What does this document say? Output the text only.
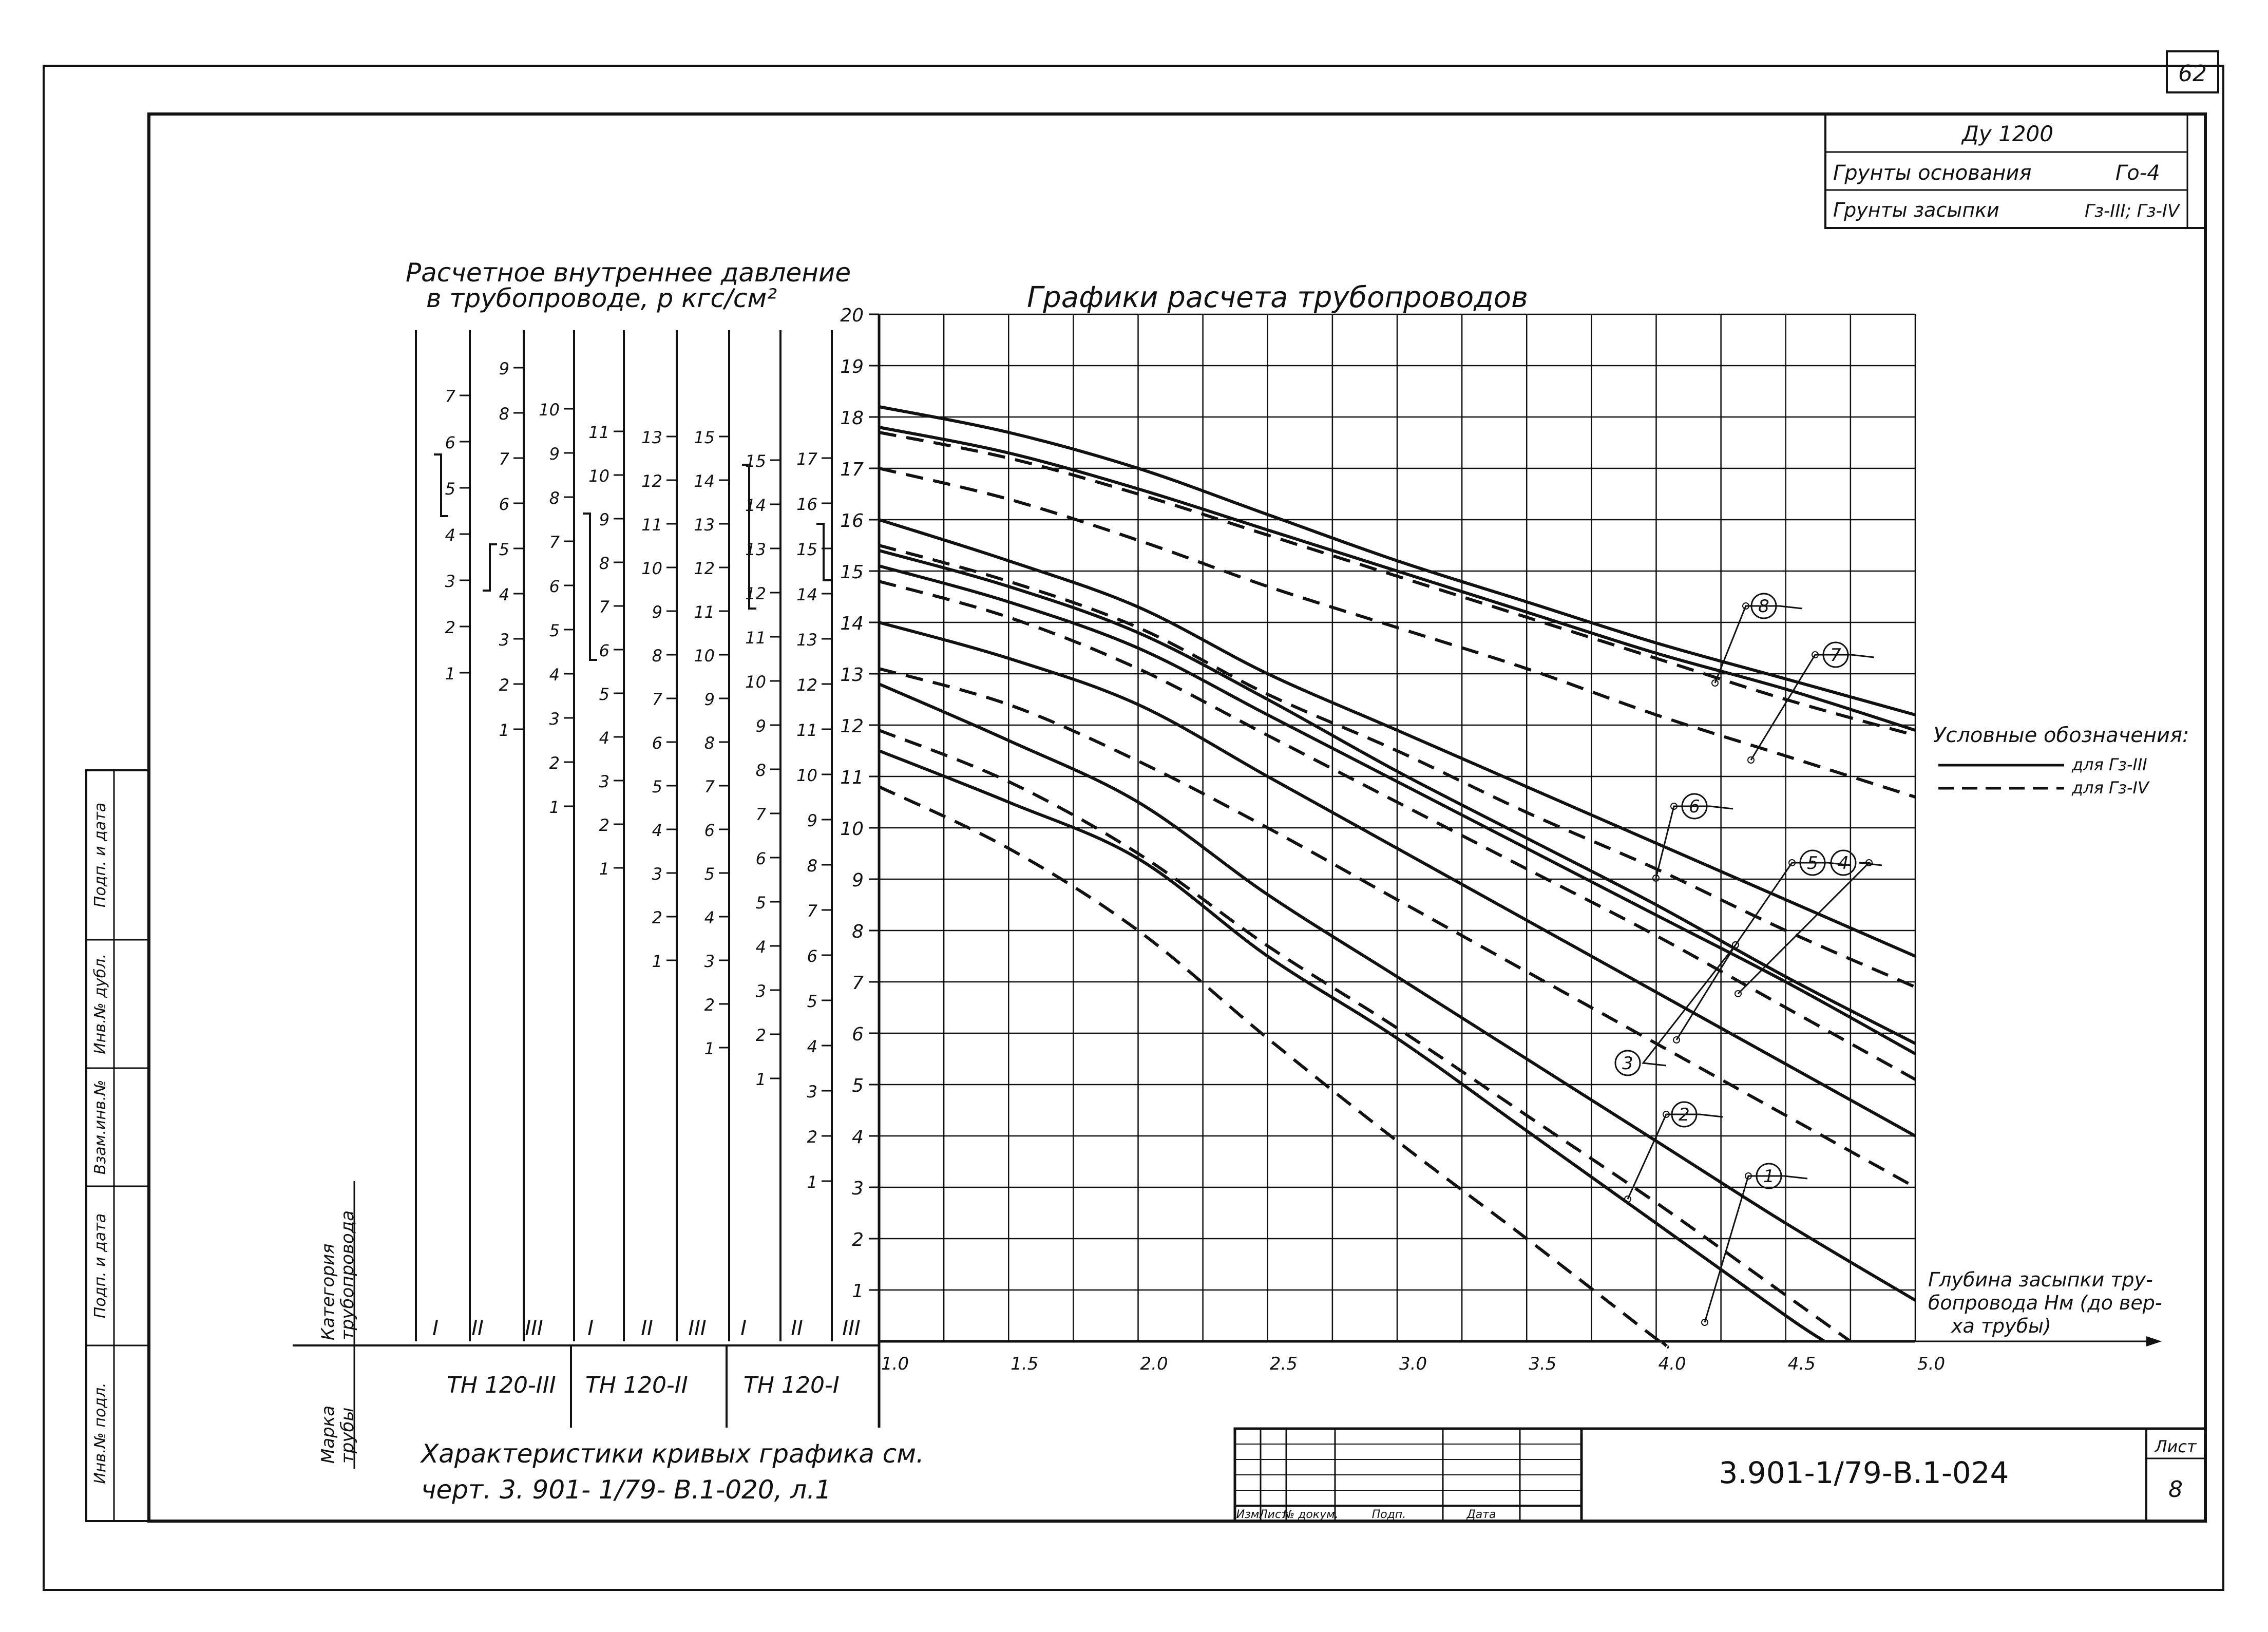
62
Ду 1200
Грунты основания	Го-4
Грунты засыпки	Гз-III; Гз-IV
Расчетное внутреннее давление
в трубопроводе, р кгс/см²	Графики расчета трубопроводов
1
2
3
4
5
6
7
1
2
3
4
5
6
7
8
9
1
2
3
4
5
6
7
8
9
10
1
2
3
4
5
6
7
8
9
10
11
1
2
3
4
5
6
7
8
9
10
11
12
13
1
2
3
4
5
6
7
8
9
10
11
12
13
14
15
1
2
3
4
5
6
7
8
9
10
11
12
13
14
15
1
2
3
4
5
6
7
8
9
10
11
12
13
14
15
16
17
1
2
3
4
5
6
7
8
9
10
11
12
13
14
15
16
17
18
19
20
1.0	1.5	2.0	2.5	3.0	3.5	4.0	4.5	5.0
1
2
3
5 4
6
7
8
Глубина засыпки тру-
бопровода Hм (до вер-
ха трубы)
Условные обозначения:
для Гз-III
для Гз-IV
Категория трубопровода
Марка трубы
I II III I II III I II III
ТН 120-III ТН 120-II ТН 120-I
Характеристики кривых графика см.
черт. 3. 901- 1/79- В.1-020, л.1
Подп. и дата
Инв.№ дубл.
Взам.инв.№
Подп. и дата
Инв.№ подл.	3.901-1/79-В.1-024
Лист
8
Изм Лист
№ докум.	Подп.	Дата
